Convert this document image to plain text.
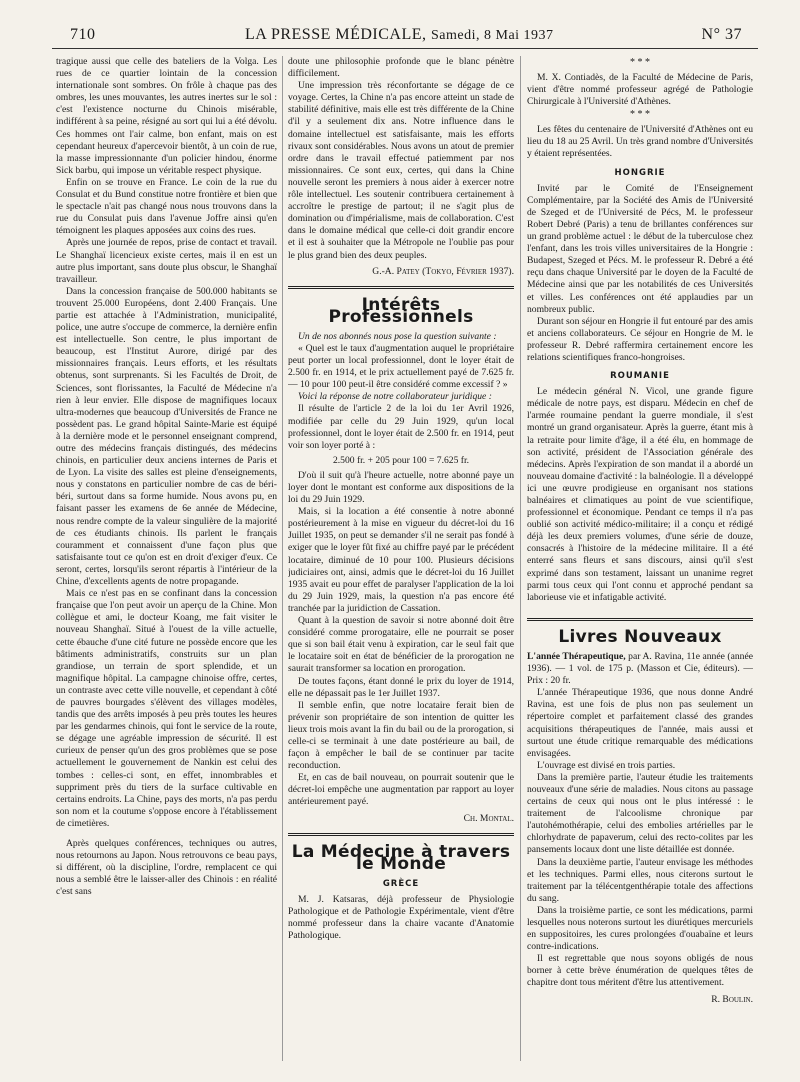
710	LA PRESSE MÉDICALE, Samedi, 8 Mai 1937	N° 37

tragique aussi que celle des bateliers de la Volga. Les rues de ce quartier lointain de la concession internationale sont sombres. On frôle à chaque pas des ombres, les unes mouvantes, les autres inertes sur le sol : c'est l'existence nocturne du Chinois misérable, indifférent à sa peine, résigné au sort qui lui a été dévolu. Ces hommes ont l'air calme, bon enfant, mais on est cependant heureux d'apercevoir bientôt, à un coin de rue, la masse impressionnante d'un policier hindou, énorme Sick barbu, qui impose un véritable respect physique.

Enfin on se trouve en France. Le coin de la rue du Consulat et du Bund constitue notre frontière et bien que le spectacle n'ait pas changé nous nous trouvons dans la rue du Consulat puis dans l'avenue Joffre ainsi qu'en témoignent les plaques apposées aux coins des rues.

Après une journée de repos, prise de contact et travail. Le Shanghaï licencieux existe certes, mais il en est un autre plus important, sans doute plus obscur, le Shanghaï travailleur.

Dans la concession française de 500.000 habitants se trouvent 25.000 Européens, dont 2.400 Français. Une partie est attachée à l'Administration, municipalité, police, une autre s'occupe de commerce, la dernière enfin est intellectuelle. Son centre, le plus important de beaucoup, est l'Institut Aurore, dirigé par des missionnaires français. Leurs efforts, et les résultats obtenus, sont surprenants. Si les Facultés de Droit, de Sciences, sont florissantes, la Faculté de Médecine n'a rien à leur envier. Elle dispose de magnifiques locaux ultra-modernes que beaucoup d'Universités de France ne possèdent pas. Le grand hôpital Sainte-Marie est équipé à la dernière mode et le personnel enseignant comprend, outre des médecins français distingués, des médecins chinois, en particulier deux anciens internes de Paris et de Lyon. La visite des salles est pleine d'enseignements, nous y constatons en particulier nombre de cas de béri-béri, surtout dans sa forme humide. Nous avons pu, en faisant passer les examens de 6e année de Médecine, nous rendre compte de la valeur singulière de la majorité de ces étudiants chinois. Ils parlent le français couramment et connaissent d'une façon plus que satisfaisante tout ce qu'on est en droit d'exiger d'eux. Ce seront, certes, lorsqu'ils seront répartis à l'intérieur de la Chine, d'excellents agents de notre propagande.

Mais ce n'est pas en se confinant dans la concession française que l'on peut avoir un aperçu de la Chine. Mon collègue et ami, le docteur Koang, me fait visiter le nouveau Shanghaï. Situé à l'ouest de la ville actuelle, cette ébauche d'une cité future ne possède encore que les bâtiments administratifs, construits sur un plan grandiose, un terrain de sport splendide, et un magnifique hôpital. La campagne chinoise offre, certes, un contraste avec cette ville nouvelle, et cependant à côté de pauvres bourgades s'élèvent des villages modèles, tandis que des arrêts imposés à peu près toutes les heures par les gendarmes chinois, qui font le service de la route, se dégage une agréable impression de sécurité. Il est curieux de penser qu'un des gros problèmes que se pose actuellement le gouvernement de Nankin est celui des tombes : celles-ci sont, en effet, innombrables et suppriment près du tiers de la surface cultivable en certains endroits. La Chine, pays des morts, n'a pas perdu son nom et la coutume s'oppose encore à l'établissement de cimetières.

Après quelques conférences, techniques ou autres, nous retournons au Japon. Nous retrouvons ce beau pays, si différent, où la discipline, l'ordre, remplacent ce qui nous a semblé être le laisser-aller des Chinois : en réalité c'est sans

doute une philosophie profonde que le blanc pénètre difficilement.

Une impression très réconfortante se dégage de ce voyage. Certes, la Chine n'a pas encore atteint un stade de stabilité définitive, mais elle est très différente de la Chine d'il y a seulement dix ans. Notre influence dans le domaine intellectuel est satisfaisante, mais les efforts rivaux sont considérables. Nous avons un atout de premier ordre dans le travail effectué patiemment par nos missionnaires. Ce sont eux, certes, qui dans la Chine nouvelle seront les premiers à nous aider à exercer notre rôle intellectuel. Les soutenir contribuera certainement à accroître le prestige de partout; il ne s'agit plus de domination ou d'impérialisme, mais de collaboration. C'est dans le domaine médical que celle-ci doit grandir encore et il est à souhaiter que la Métropole ne l'oublie pas pour le plus grand bien des deux peuples.

G.-A. Patey (Tokyo, Février 1937).
Intérêts Professionnels

Un de nos abonnés nous pose la question suivante :

« Quel est le taux d'augmentation auquel le propriétaire peut porter un local professionnel, dont le loyer était de 2.500 fr. en 1914, et le prix actuellement payé de 7.625 fr. — 10 pour 100 peut-il être considéré comme excessif ? »

Voici la réponse de notre collaborateur juridique :

Il résulte de l'article 2 de la loi du 1er Avril 1926, modifiée par celle du 29 Juin 1929, qu'un local professionnel, dont le loyer était de 2.500 fr. en 1914, peut voir son loyer porté à :

2.500 fr. + 205 pour 100 = 7.625 fr.

D'où il suit qu'à l'heure actuelle, notre abonné paye un loyer dont le montant est conforme aux dispositions de la loi du 29 Juin 1929.

Mais, si la location a été consentie à notre abonné postérieurement à la mise en vigueur du décret-loi du 16 Juillet 1935, on peut se demander s'il ne serait pas fondé à exiger que le loyer fût fixé au chiffre payé par le précédent locataire, diminué de 10 pour 100. Plusieurs décisions judiciaires ont, ainsi, admis que le décret-loi du 16 Juillet 1935 avait eu pour effet de paralyser l'application de la loi du 29 Juin 1929, mais, la question n'a pas encore été tranchée par la juridiction de Cassation.

Quant à la question de savoir si notre abonné doit être considéré comme prorogataire, elle ne pourrait se poser que si son bail était venu à expiration, car le seul fait que le locataire soit en état de bénéficier de la prorogation ne saurait transformer sa location en prorogation.

De toutes façons, étant donné le prix du loyer de 1914, elle ne dépassait pas le 1er Juillet 1937.

Il semble enfin, que notre locataire ferait bien de prévenir son propriétaire de son intention de quitter les lieux trois mois avant la fin du bail ou de la prorogation, si celle-ci se terminait à une date postérieure au bail, de façon à empêcher le bail de se continuer par tacite reconduction.

Et, en cas de bail nouveau, on pourrait soutenir que le décret-loi empêche une augmentation par rapport au loyer antérieurement payé.

Ch. Montal.
La Médecine à travers le Monde
GRÈCE

M. J. Katsaras, déjà professeur de Physiologie Pathologique et de Pathologie Expérimentale, vient d'être nommé professeur dans la chaire vacante d'Anatomie Pathologique.

* * *

M. X. Contiadès, de la Faculté de Médecine de Paris, vient d'être nommé professeur agrégé de Pathologie Chirurgicale à l'Université d'Athènes.

* * *

Les fêtes du centenaire de l'Université d'Athènes ont eu lieu du 18 au 25 Avril. Un très grand nombre d'Universités y étaient représentées.

HONGRIE

Invité par le Comité de l'Enseignement Complémentaire, par la Société des Amis de l'Université de Szeged et de l'Université de Pécs, M. le professeur Robert Debré (Paris) a tenu de brillantes conférences sur un grand problème actuel : le début de la tuberculose chez l'enfant, dans les trois villes universitaires de la Hongrie : Budapest, Szeged et Pécs. M. le professeur R. Debré a été reçu dans chaque Université par le doyen de la Faculté de Médecine ainsi que par les notabilités de ces Universités et villes. Les conférences ont été applaudies par un nombreux public.

Durant son séjour en Hongrie il fut entouré par des amis et anciens collaborateurs. Ce séjour en Hongrie de M. le professeur R. Debré raffermira certainement encore les relations scientifiques franco-hongroises.

ROUMANIE

Le médecin général N. Vicol, une grande figure médicale de notre pays, est disparu. Médecin en chef de l'armée roumaine pendant la guerre mondiale, il s'est montré un grand organisateur. Après la guerre, étant mis à la retraite pour limite d'âge, il a été élu, en hommage de son activité, président de l'Association générale des médecins. Après l'expiration de son mandat il a abordé un nouveau domaine d'activité : la balnéologie. Il a développé ici une œuvre prodigieuse en organisant nos stations balnéaires et climatiques au point de vue scientifique, professionnel et économique. Pendant ce temps il n'a pas oublié son activité médico-militaire; il a conçu et rédigé déjà les deux premiers volumes, d'une série de douze, consacrés à l'histoire de la médecine militaire. Il a été enterré sans fleurs et sans discours, ainsi qu'il s'est exprimé dans son testament, laissant un unanime regret parmi tous ceux qui l'ont connu et approché pendant sa laborieuse vie et infatigable activité.

Livres Nouveaux

L'année Thérapeutique, par A. Ravina, 11e année (année 1936). — 1 vol. de 175 p. (Masson et Cie, éditeurs). — Prix : 20 fr.

L'année Thérapeutique 1936, que nous donne André Ravina, est une fois de plus non pas seulement un répertoire complet et parfaitement classé des grandes acquisitions thérapeutiques de l'année, mais aussi et surtout une étude critique remarquable des médications envisagées.

L'ouvrage est divisé en trois parties.

Dans la première partie, l'auteur étudie les traitements nouveaux d'une série de maladies. Nous citons au passage certains de ceux qui nous ont le plus intéressé : le traitement de l'alcoolisme chronique par l'autohémothérapie, celui des embolies artérielles par le chlorhydrate de papaverum, celui des recto-colites par les pansements locaux dont une liste détaillée est donnée.

Dans la deuxième partie, l'auteur envisage les méthodes et les techniques. Parmi elles, nous citerons surtout le traitement par la télécentgenthérapie totale des affections du sang.

Dans la troisième partie, ce sont les médications, parmi lesquelles nous noterons surtout les diurétiques mercuriels en suppositoires, les cures prolongées d'ouabaïne et leurs contre-indications.

Il est regrettable que nous soyons obligés de nous borner à cette brève énumération de quelques têtes de chapitre dont tous méritent d'être lus attentivement.

R. Boulin.
